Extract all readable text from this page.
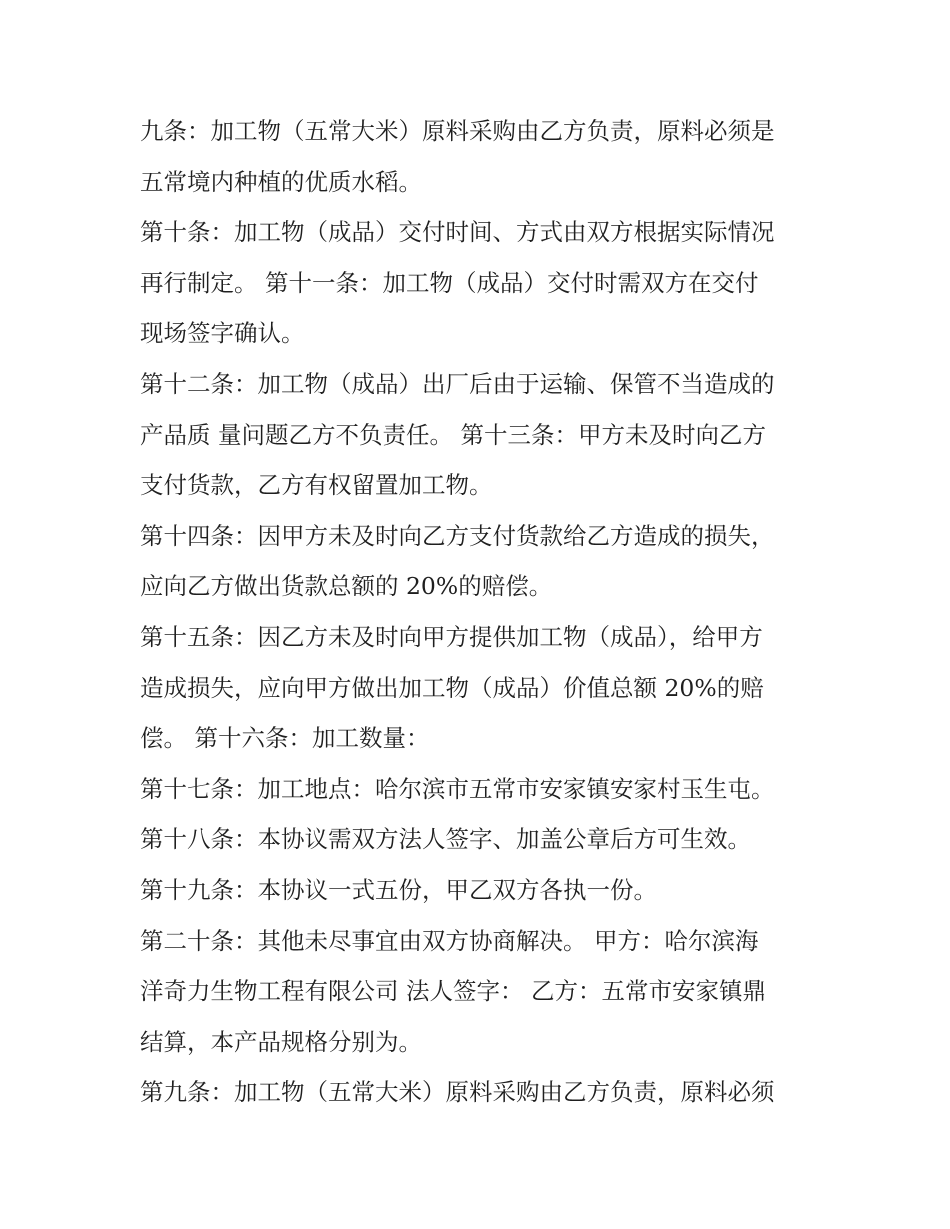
九条：加工物（五常大米）原料采购由乙方负责，原料必须是
五常境内种植的优质水稻。
第十条：加工物（成品）交付时间、方式由双方根据实际情况
再行制定。 第十一条：加工物（成品）交付时需双方在交付
现场签字确认。
第十二条：加工物（成品）出厂后由于运输、保管不当造成的
产品质 量问题乙方不负责任。 第十三条：甲方未及时向乙方
支付货款，乙方有权留置加工物。
第十四条：因甲方未及时向乙方支付货款给乙方造成的损失，
应向乙方做出货款总额的 20%的赔偿。
第十五条：因乙方未及时向甲方提供加工物（成品），给甲方
造成损失，应向甲方做出加工物（成品）价值总额 20%的赔
偿。 第十六条：加工数量：
第十七条：加工地点：哈尔滨市五常市安家镇安家村玉生屯。
第十八条：本协议需双方法人签字、加盖公章后方可生效。
第十九条：本协议一式五份，甲乙双方各执一份。
第二十条：其他未尽事宜由双方协商解决。 甲方：哈尔滨海
洋奇力生物工程有限公司 法人签字： 乙方：五常市安家镇鼎
结算，本产品规格分别为。
第九条：加工物（五常大米）原料采购由乙方负责，原料必须
